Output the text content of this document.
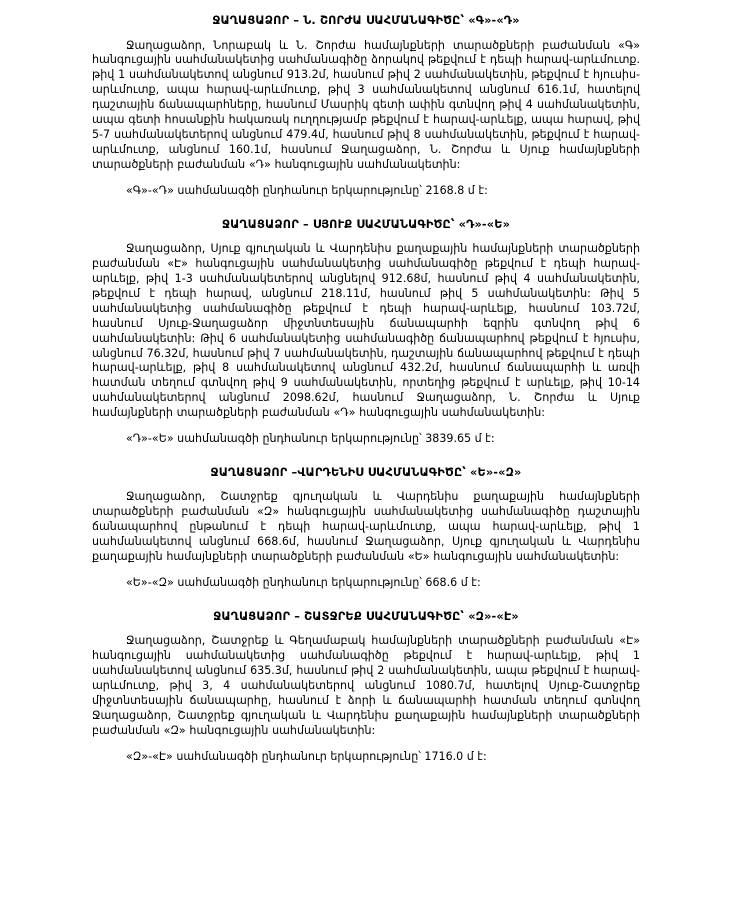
ՋԱՂԱՑԱՁՈՐ – Ն. ՇՈՐԺԱ ՍԱՀՄԱՆԱԳԻԾԸ՝ «Գ»-«Դ»

Ջաղացաձոր, Նորաբակ և Ն. Շորժա համայնքների տարածքների բաժանման «Գ» հանգուցային սահմանակետից սահմանագիծը ձորակով թեքվում է դեպի հարավ-արևմուտք. թիվ 1 սահմանակետով անցնում 913.2մ, հասնում թիվ 2 սահմանակետին, թեքվում է հյուսիս-արևմուտք, ապա հարավ-արևմուտք, թիվ 3 սահմանակետով անցնում 616.1մ, հատելով դաշտային ճանապարհները, հասնում Մասրիկ գետի ափին գտնվող թիվ 4 սահմանակետին, ապա գետի հոսանքին հակառակ ուղղությամբ թեքվում է հարավ-արևելք, ապա հարավ, թիվ 5-7 սահմանակետերով անցնում 479.4մ, հասնում թիվ 8 սահմանակետին, թեքվում է հարավ-արևմուտք, անցնում 160.1մ, հասնում Ջաղացաձոր, Ն. Շորժա և Սյուք համայնքների տարածքների բաժանման «Դ» հանգուցային սահմանակետին:

«Գ»-«Դ» սահմանագծի ընդհանուր երկարությունը՝ 2168.8 մ է:

ՋԱՂԱՑԱՁՈՐ – ՍՅՈՒՔ ՍԱՀՄԱՆԱԳԻԾԸ՝ «Դ»-«Ե»

Ջաղացաձոր, Սյուք գյուղական և Վարդենիս քաղաքային համայնքների տարածքների բաժանման «Է» հանգուցային սահմանակետից սահմանագիծը թեքվում է դեպի հարավ-արևելք, թիվ 1-3 սահմանակետերով անցնելով 912.68մ, հասնում թիվ 4 սահմանակետին, թեքվում է դեպի հարավ, անցնում 218.11մ, հասնում թիվ 5 սահմանակետին: Թիվ 5 սահմանակետից սահմանագիծը թեքվում է դեպի հարավ-արևելք, հասնում 103.72մ, հասնում Սյուք-Ջաղացաձոր միջտնտեսային ճանապարհի եզրին գտնվող թիվ 6 սահմանակետին: Թիվ 6 սահմանակետից սահմանագիծը ճանապարհով թեքվում է հյուսիս, անցնում 76.32մ, հասնում թիվ 7 սահմանակետին, դաշտային ճանապարհով թեքվում է դեպի հարավ-արևելք, թիվ 8 սահմանակետով անցնում 432.2մ, հասնում ճանապարհի և առվի հատման տեղում գտնվող թիվ 9 սահմանակետին, որտեղից թեքվում է արևելք, թիվ 10-14 սահմանակետերով անցնում 2098.62մ, հասնում Ջաղացաձոր, Ն. Շորժա և Սյուք համայնքների տարածքների բաժանման «Դ» հանգուցային սահմանակետին:

«Դ»-«Ե» սահմանագծի ընդհանուր երկարությունը՝ 3839.65 մ է:

ՋԱՂԱՑԱՁՈՐ –ՎԱՐԴԵՆԻՍ ՍԱՀՄԱՆԱԳԻԾԸ՝ «Ե»-«Զ»

Ջաղացաձոր, Շատջրեք գյուղական և Վարդենիս քաղաքային համայնքների տարածքների բաժանման «Զ» հանգուցային սահմանակետից սահմանագիծը դաշտային ճանապարհով ընթանում է դեպի հարավ-արևմուտք, ապա հարավ-արևելք, թիվ 1 սահմանակետով անցնում 668.6մ, հասնում Ջաղացաձոր, Սյուք գյուղական և Վարդենիս քաղաքային համայնքների տարածքների բաժանման «Ե» հանգուցային սահմանակետին:

«Ե»-«Զ» սահմանագծի ընդհանուր երկարությունը՝ 668.6 մ է:

ՋԱՂԱՑԱՁՈՐ – ՇԱՏՋՐԵՔ ՍԱՀՄԱՆԱԳԻԾԸ՝ «Զ»-«Է»

Ջաղացաձոր, Շատջրեք և Գեղամաբակ համայնքների տարածքների բաժանման «Է» հանգուցային սահմանակետից սահմանագիծը թեքվում է հարավ-արևելք, թիվ 1 սահմանակետով անցնում 635.3մ, հասնում թիվ 2 սահմանակետին, ապա թեքվում է հարավ-արևմուտք, թիվ 3, 4 սահմանակետերով անցնում 1080.7մ, հատելով Սյուք-Շատջրեք միջտնտեսային ճանապարհը, հասնում է ձորի և ճանապարհի հատման տեղում գտնվող Ջաղացաձոր, Շատջրեք գյուղական և Վարդենիս քաղաքային համայնքների տարածքների բաժանման «Զ» հանգուցային սահմանակետին:

«Զ»-«Է» սահմանագծի ընդհանուր երկարությունը՝ 1716.0 մ է:
